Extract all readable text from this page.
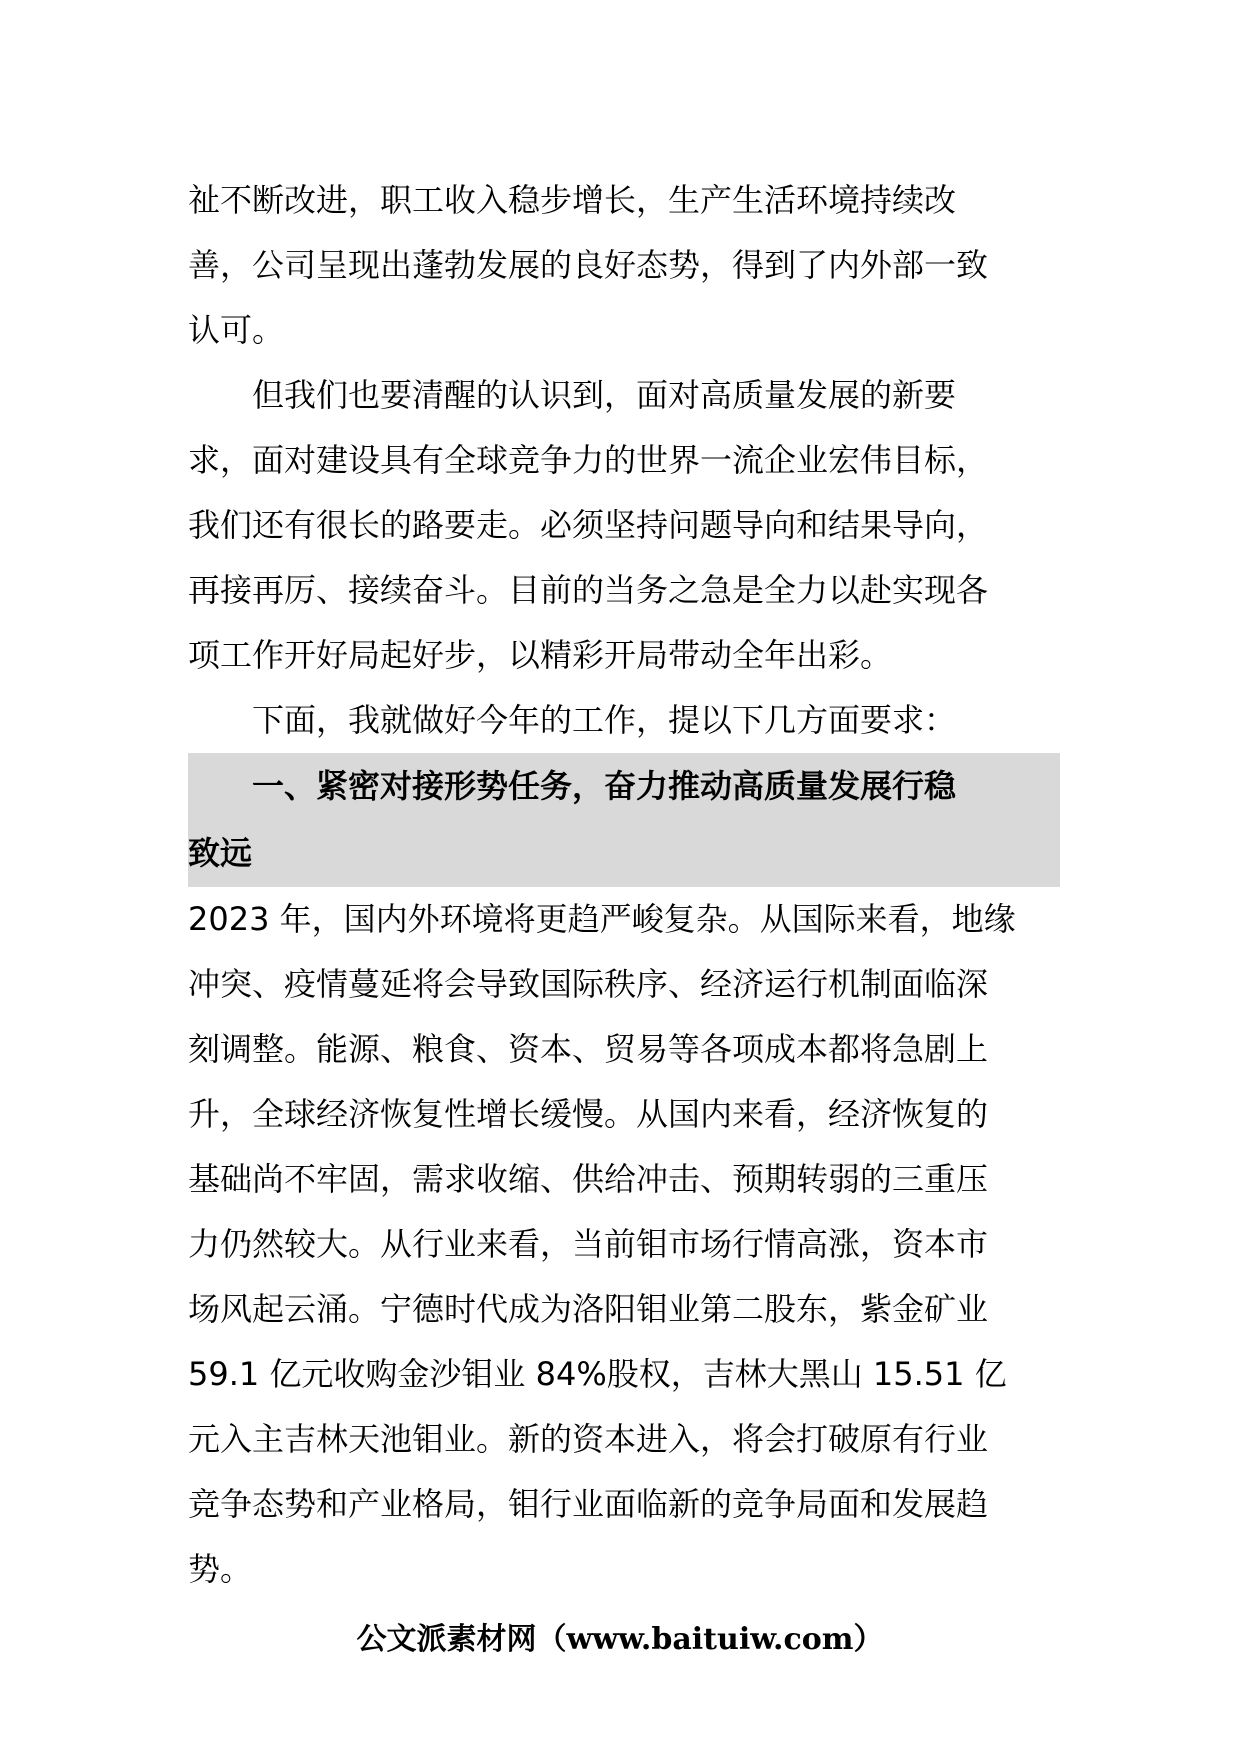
祉不断改进，职工收入稳步增长，生产生活环境持续改
善，公司呈现出蓬勃发展的良好态势，得到了内外部一致
认可。
但我们也要清醒的认识到，面对高质量发展的新要
求，面对建设具有全球竞争力的世界一流企业宏伟目标，
我们还有很长的路要走。必须坚持问题导向和结果导向，
再接再厉、接续奋斗。目前的当务之急是全力以赴实现各
项工作开好局起好步，以精彩开局带动全年出彩。
下面，我就做好今年的工作，提以下几方面要求：
一、紧密对接形势任务，奋力推动高质量发展行稳
致远
2023 年，国内外环境将更趋严峻复杂。从国际来看，地缘
冲突、疫情蔓延将会导致国际秩序、经济运行机制面临深
刻调整。能源、粮食、资本、贸易等各项成本都将急剧上
升，全球经济恢复性增长缓慢。从国内来看，经济恢复的
基础尚不牢固，需求收缩、供给冲击、预期转弱的三重压
力仍然较大。从行业来看，当前钼市场行情高涨，资本市
场风起云涌。宁德时代成为洛阳钼业第二股东，紫金矿业
59.1 亿元收购金沙钼业 84%股权，吉林大黑山 15.51 亿
元入主吉林天池钼业。新的资本进入，将会打破原有行业
竞争态势和产业格局，钼行业面临新的竞争局面和发展趋
势。
公文派素材网（www.baituiw.com）
